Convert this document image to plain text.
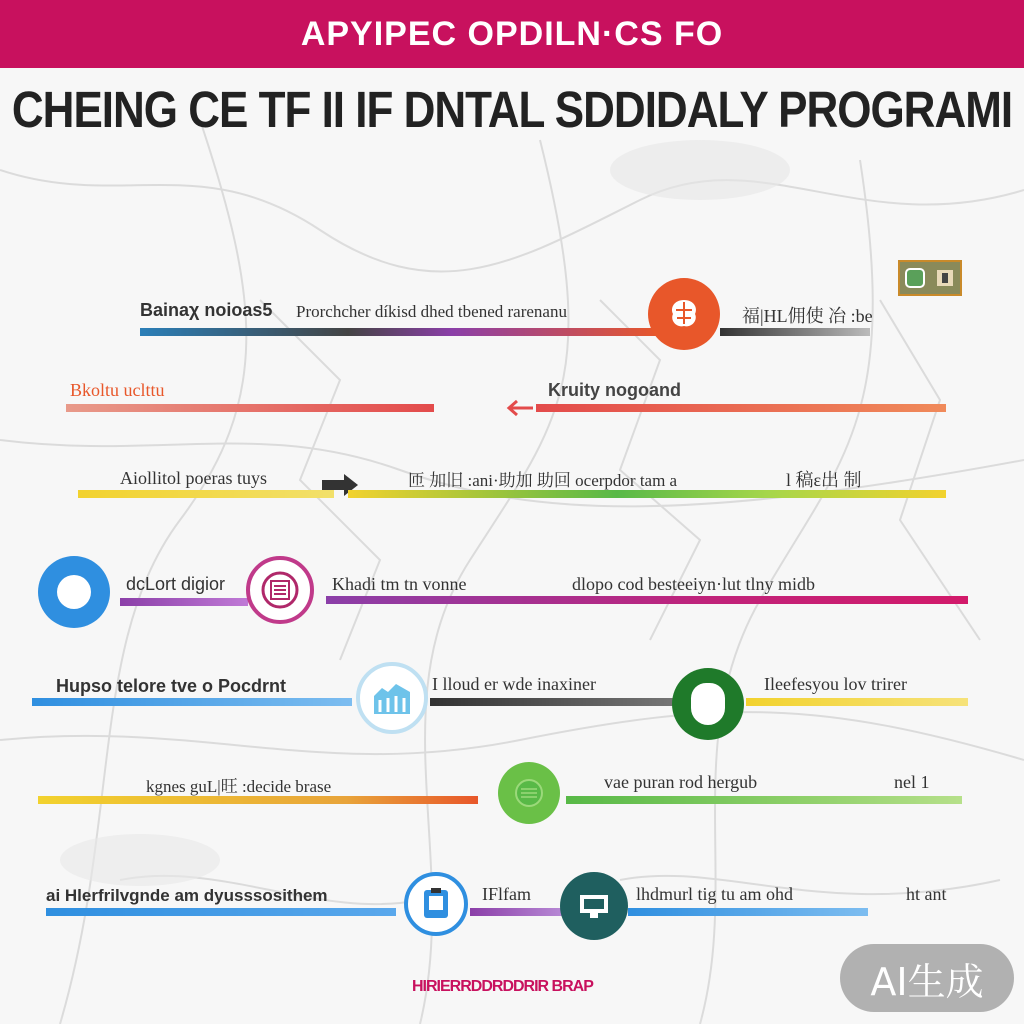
APYIPEC OPDILN·CS FO
CHEING CE TF II IF DNTAL SDDIDALY PROGRAMI
Bainaχ noioas5 Prorchcher díkisd dhed tbened rarenanu	福|HL佣使 冶 :be
Bkoltu uclttu	Kruity nogoand
Aiollitol poeras tuys	匝 加旧 :ani·助加 助回 ocerpdor tam a	l 稿ε出 制
dcLort digior	Khadi tm tn vonne	dlopo cod besteeiyn·lut tlny midb
Hupso telore tve o Pocdrnt	I lloud er wde inaxiner	Ileefesyou lov trirer
kgnes guL|旺 :decide brase	vae puran rod hergub	nel 1
ai Hlerfrilvgnde am dyusssosithem	IFlfam	lhdmurl tig tu am ohd	ht ant
HIRIERRDDRDDRIR BRAP	AI生成
